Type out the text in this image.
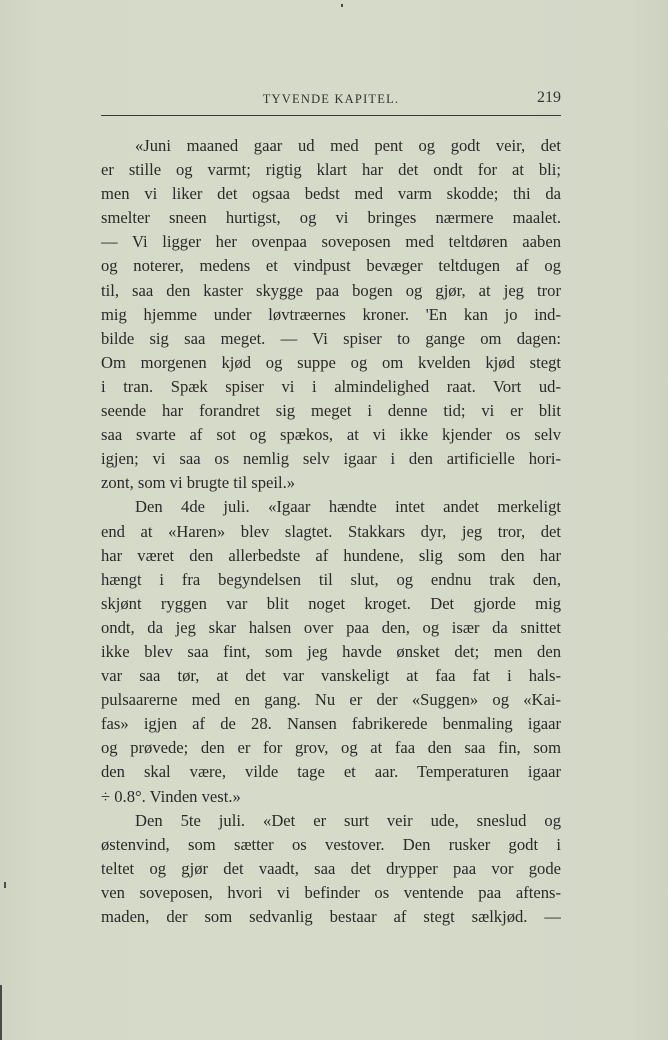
TYVENDE KAPITEL.	219
«Juni maaned gaar ud med pent og godt veir, det
er stille og varmt; rigtig klart har det ondt for at bli;
men vi liker det ogsaa bedst med varm skodde; thi da
smelter sneen hurtigst, og vi bringes nærmere maalet.
— Vi ligger her ovenpaa soveposen med teltdøren aaben
og noterer, medens et vindpust bevæger teltdugen af og
til, saa den kaster skygge paa bogen og gjør, at jeg tror
mig hjemme under løvtræernes kroner. 'En kan jo ind-
bilde sig saa meget. — Vi spiser to gange om dagen:
Om morgenen kjød og suppe og om kvelden kjød stegt
i tran. Spæk spiser vi i almindelighed raat. Vort ud-
seende har forandret sig meget i denne tid; vi er blit
saa svarte af sot og spækos, at vi ikke kjender os selv
igjen; vi saa os nemlig selv igaar i den artificielle hori-
zont, som vi brugte til speil.»
Den 4de juli. «Igaar hændte intet andet merkeligt
end at «Haren» blev slagtet. Stakkars dyr, jeg tror, det
har været den allerbedste af hundene, slig som den har
hængt i fra begyndelsen til slut, og endnu trak den,
skjønt ryggen var blit noget kroget. Det gjorde mig
ondt, da jeg skar halsen over paa den, og især da snittet
ikke blev saa fint, som jeg havde ønsket det; men den
var saa tør, at det var vanskeligt at faa fat i hals-
pulsaarerne med en gang. Nu er der «Suggen» og «Kai-
fas» igjen af de 28. Nansen fabrikerede benmaling igaar
og prøvede; den er for grov, og at faa den saa fin, som
den skal være, vilde tage et aar. Temperaturen igaar
÷ 0.8°. Vinden vest.»
Den 5te juli. «Det er surt veir ude, sneslud og
østenvind, som sætter os vestover. Den rusker godt i
teltet og gjør det vaadt, saa det drypper paa vor gode
ven soveposen, hvori vi befinder os ventende paa aftens-
maden, der som sedvanlig bestaar af stegt sælkjød. —
